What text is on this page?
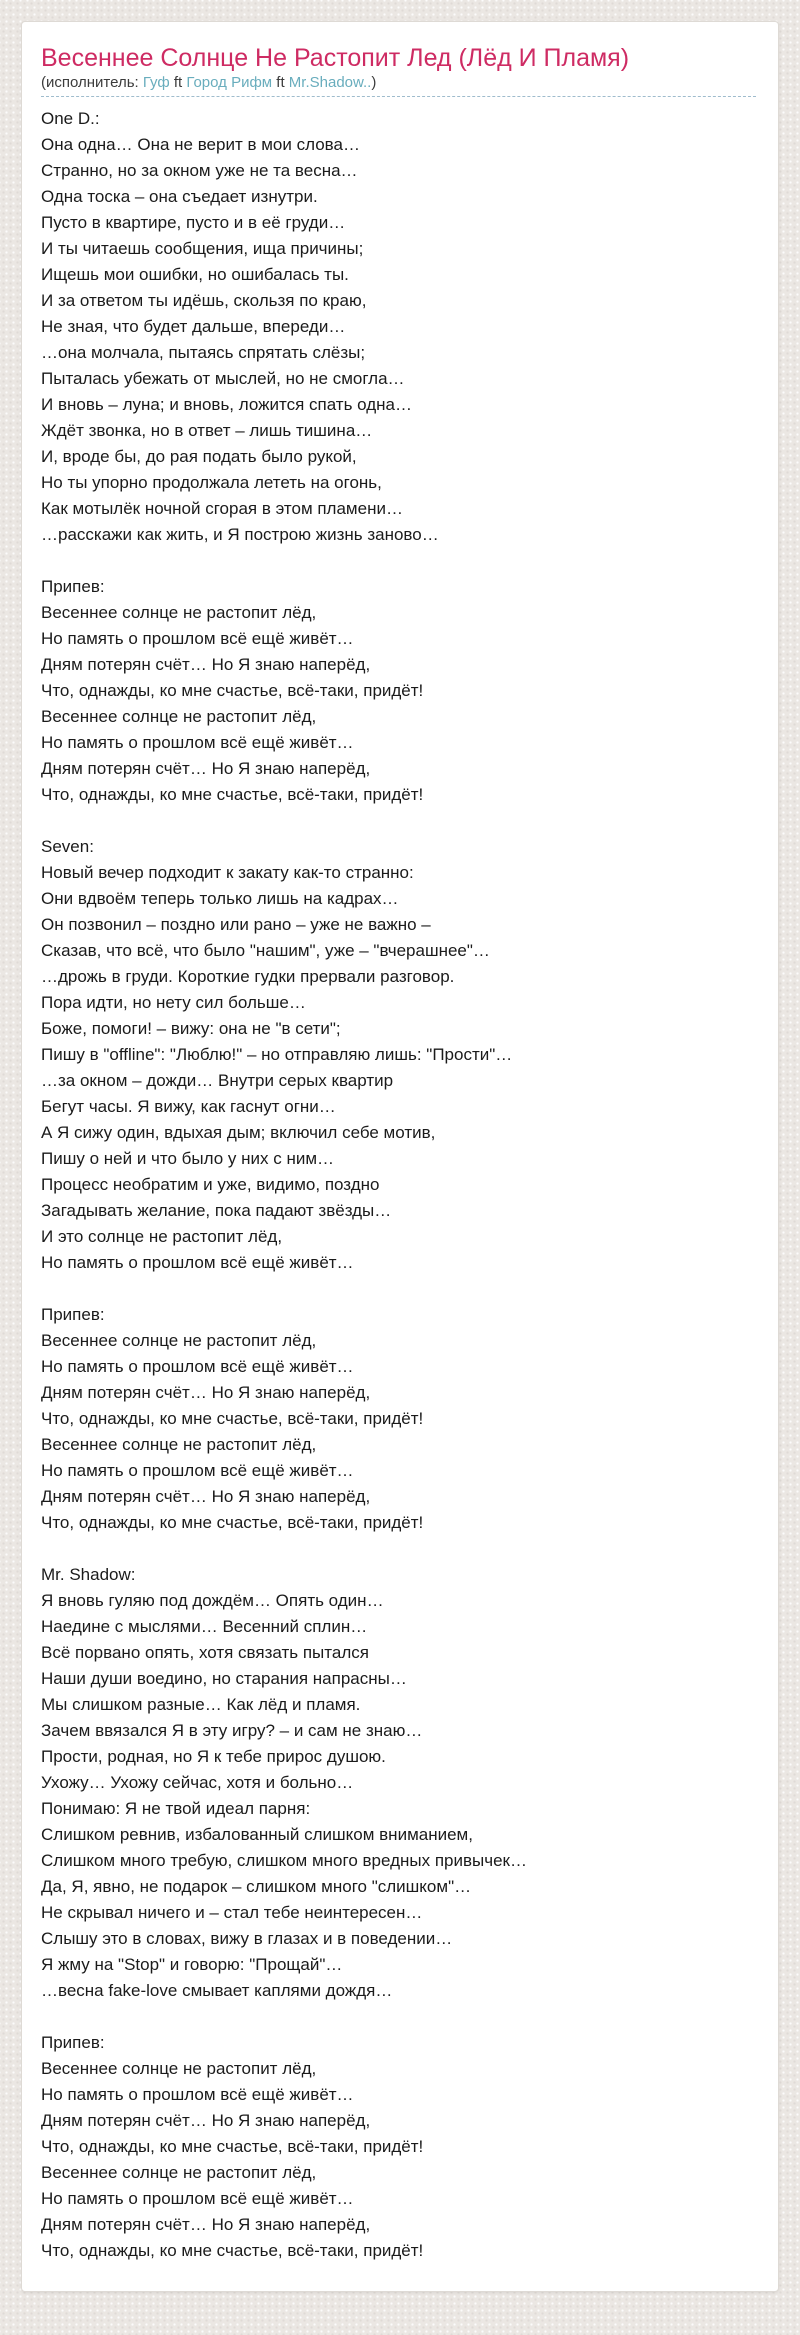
Весеннее Солнце Не Растопит Лед (Лёд И Пламя)
(исполнитель: Гуф ft Город Рифм ft Mr.Shadow..)
One D.:
Она одна… Она не верит в мои слова…
Странно, но за окном уже не та весна…
Одна тоска – она съедает изнутри.
Пусто в квартире, пусто и в её груди…
И ты читаешь сообщения, ища причины;
Ищешь мои ошибки, но ошибалась ты.
И за ответом ты идёшь, скользя по краю,
Не зная, что будет дальше, впереди…
…она молчала, пытаясь спрятать слёзы;
Пыталась убежать от мыслей, но не смогла…
И вновь – луна; и вновь, ложится спать одна…
Ждёт звонка, но в ответ – лишь тишина…
И, вроде бы, до рая подать было рукой,
Но ты упорно продолжала лететь на огонь,
Как мотылёк ночной сгорая в этом пламени…
…расскажи как жить, и Я построю жизнь заново…
Припев:
Весеннее солнце не растопит лёд,
Но память о прошлом всё ещё живёт…
Дням потерян счёт… Но Я знаю наперёд,
Что, однажды, ко мне счастье, всё-таки, придёт!
Весеннее солнце не растопит лёд,
Но память о прошлом всё ещё живёт…
Дням потерян счёт… Но Я знаю наперёд,
Что, однажды, ко мне счастье, всё-таки, придёт!
Seven:
Новый вечер подходит к закату как-то странно:
Они вдвоём теперь только лишь на кадрах…
Он позвонил – поздно или рано – уже не важно –
Сказав, что всё, что было "нашим", уже – "вчерашнее"…
…дрожь в груди. Короткие гудки прервали разговор.
Пора идти, но нету сил больше…
Боже, помоги! – вижу: она не "в сети";
Пишу в "offline": "Люблю!" – но отправляю лишь: "Прости"…
…за окном – дожди… Внутри серых квартир
Бегут часы. Я вижу, как гаснут огни…
А Я сижу один, вдыхая дым; включил себе мотив,
Пишу о ней и что было у них с ним…
Процесс необратим и уже, видимо, поздно
Загадывать желание, пока падают звёзды…
И это солнце не растопит лёд,
Но память о прошлом всё ещё живёт…
Припев:
Весеннее солнце не растопит лёд,
Но память о прошлом всё ещё живёт…
Дням потерян счёт… Но Я знаю наперёд,
Что, однажды, ко мне счастье, всё-таки, придёт!
Весеннее солнце не растопит лёд,
Но память о прошлом всё ещё живёт…
Дням потерян счёт… Но Я знаю наперёд,
Что, однажды, ко мне счастье, всё-таки, придёт!
Mr. Shadow:
Я вновь гуляю под дождём… Опять один…
Наедине с мыслями… Весенний сплин…
Всё порвано опять, хотя связать пытался
Наши души воедино, но старания напрасны…
Мы слишком разные… Как лёд и пламя.
Зачем ввязался Я в эту игру? – и сам не знаю…
Прости, родная, но Я к тебе прирос душою.
Ухожу… Ухожу сейчас, хотя и больно…
Понимаю: Я не твой идеал парня:
Слишком ревнив, избалованный слишком вниманием,
Слишком много требую, слишком много вредных привычек…
Да, Я, явно, не подарок – слишком много "слишком"…
Не скрывал ничего и – стал тебе неинтересен…
Слышу это в словах, вижу в глазах и в поведении…
Я жму на "Stop" и говорю: "Прощай"…
…весна fake-love смывает каплями дождя…
Припев:
Весеннее солнце не растопит лёд,
Но память о прошлом всё ещё живёт…
Дням потерян счёт… Но Я знаю наперёд,
Что, однажды, ко мне счастье, всё-таки, придёт!
Весеннее солнце не растопит лёд,
Но память о прошлом всё ещё живёт…
Дням потерян счёт… Но Я знаю наперёд,
Что, однажды, ко мне счастье, всё-таки, придёт!
